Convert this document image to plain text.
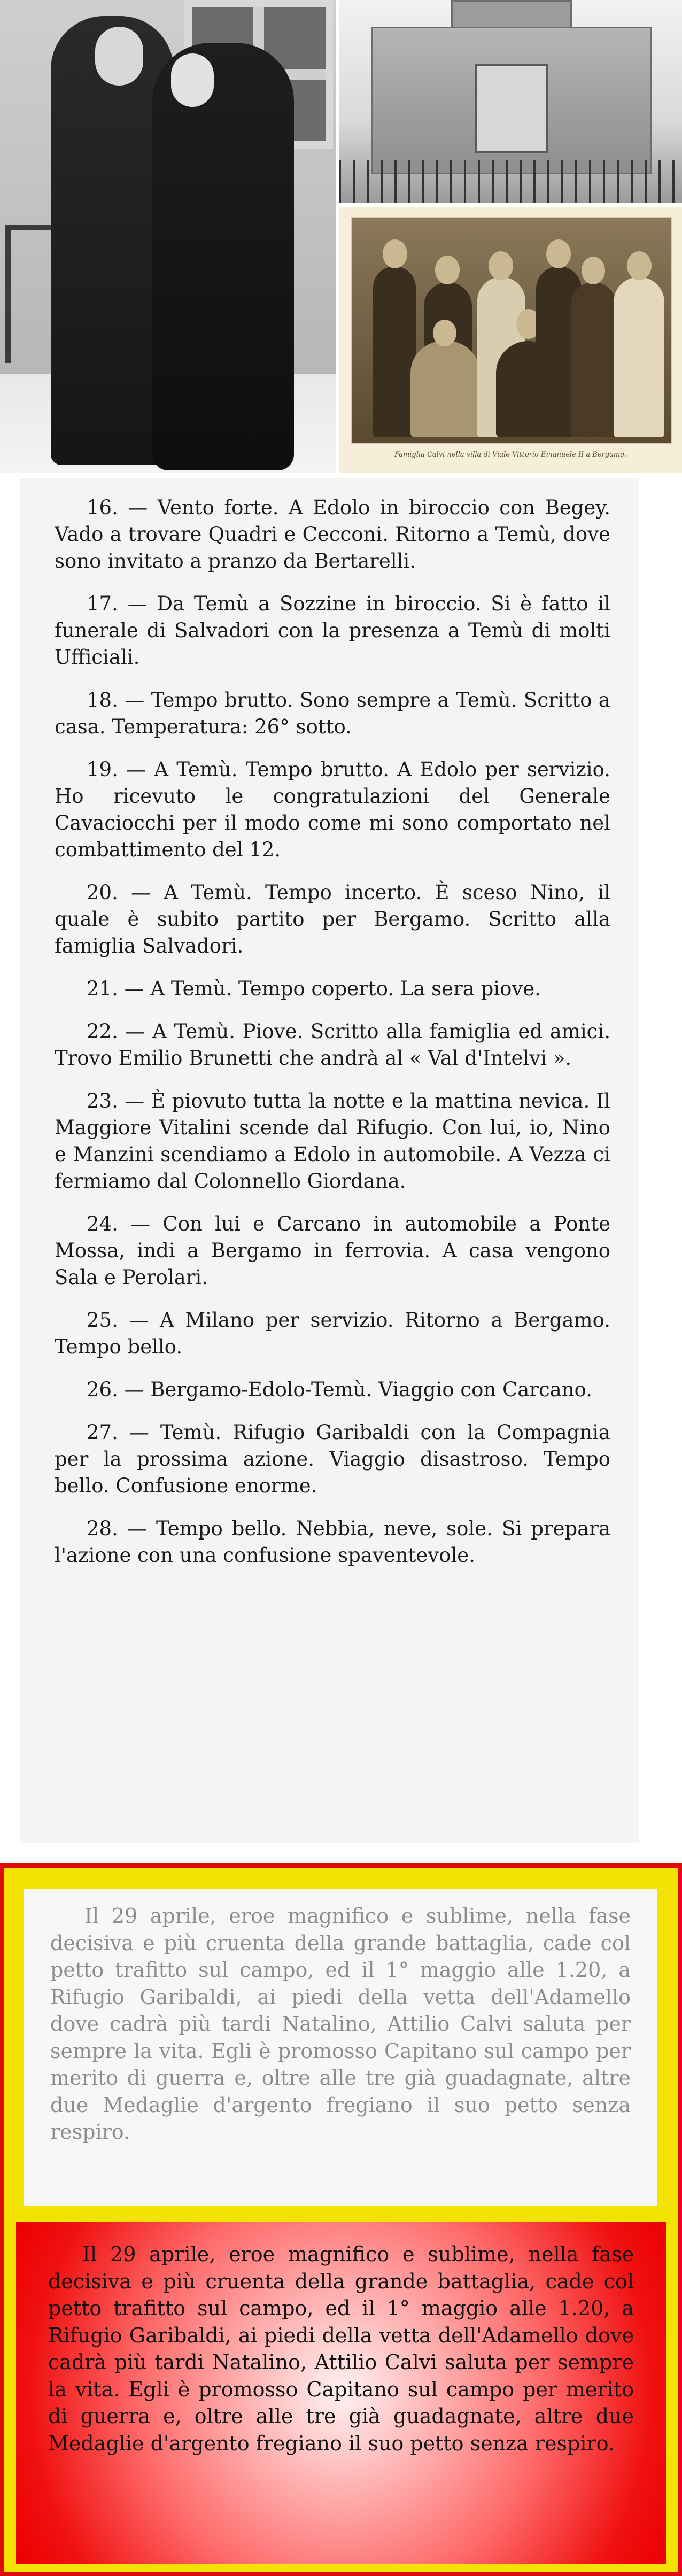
Famiglia Calvi nella villa di Viale Vittorio Emanuele II a Bergamo.

16. — Vento forte. A Edolo in biroccio con Begey. Vado a trovare Quadri e Cecconi. Ritorno a Temù, dove sono invitato a pranzo da Bertarelli.

17. — Da Temù a Sozzine in biroccio. Si è fatto il funerale di Salvadori con la presenza a Temù di molti Ufficiali.

18. — Tempo brutto. Sono sempre a Temù. Scritto a casa. Temperatura: 26° sotto.

19. — A Temù. Tempo brutto. A Edolo per servizio. Ho ricevuto le congratulazioni del Generale Cavaciocchi per il modo come mi sono comportato nel combattimento del 12.

20. — A Temù. Tempo incerto. È sceso Nino, il quale è subito partito per Bergamo. Scritto alla famiglia Salvadori.

21. — A Temù. Tempo coperto. La sera piove.

22. — A Temù. Piove. Scritto alla famiglia ed amici. Trovo Emilio Brunetti che andrà al « Val d'Intelvi ».

23. — È piovuto tutta la notte e la mattina nevica. Il Maggiore Vitalini scende dal Rifugio. Con lui, io, Nino e Manzini scendiamo a Edolo in automobile. A Vezza ci fermiamo dal Colonnello Giordana.

24. — Con lui e Carcano in automobile a Ponte Mossa, indi a Bergamo in ferrovia. A casa vengono Sala e Perolari.

25. — A Milano per servizio. Ritorno a Bergamo. Tempo bello.

26. — Bergamo-Edolo-Temù. Viaggio con Carcano.

27. — Temù. Rifugio Garibaldi con la Compagnia per la prossima azione. Viaggio disastroso. Tempo bello. Confusione enorme.

28. — Tempo bello. Nebbia, neve, sole. Si prepara l'azione con una confusione spaventevole.

Il 29 aprile, eroe magnifico e sublime, nella fase decisiva e più cruenta della grande battaglia, cade col petto trafitto sul campo, ed il 1° maggio alle 1.20, a Rifugio Garibaldi, ai piedi della vetta dell'Adamello dove cadrà più tardi Natalino, Attilio Calvi saluta per sempre la vita. Egli è promosso Capitano sul campo per merito di guerra e, oltre alle tre già guadagnate, altre due Medaglie d'argento fregiano il suo petto senza respiro.

Il 29 aprile, eroe magnifico e sublime, nella fase decisiva e più cruenta della grande battaglia, cade col petto trafitto sul campo, ed il 1° maggio alle 1.20, a Rifugio Garibaldi, ai piedi della vetta dell'Adamello dove cadrà più tardi Natalino, Attilio Calvi saluta per sempre la vita. Egli è promosso Capitano sul campo per merito di guerra e, oltre alle tre già guadagnate, altre due Medaglie d'argento fregiano il suo petto senza respiro.
